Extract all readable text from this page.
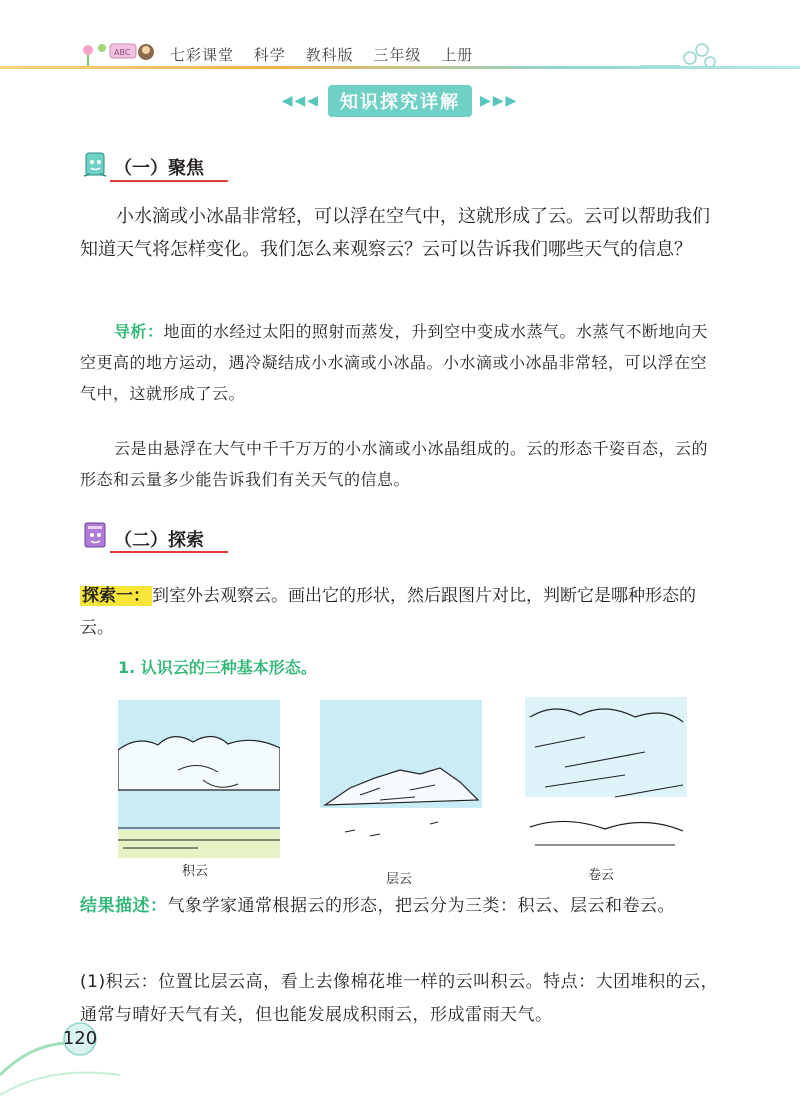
ABC	七彩课堂 科学 教科版 三年级 上册
◀◀◀	知识探究详解	▶▶▶
（一）聚焦
小水滴或小冰晶非常轻，可以浮在空气中，这就形成了云。云可以帮助我们知道天气将怎样变化。我们怎么来观察云？云可以告诉我们哪些天气的信息？
导析：地面的水经过太阳的照射而蒸发，升到空中变成水蒸气。水蒸气不断地向天空更高的地方运动，遇冷凝结成小水滴或小冰晶。小水滴或小冰晶非常轻，可以浮在空气中，这就形成了云。
云是由悬浮在大气中千千万万的小水滴或小冰晶组成的。云的形态千姿百态，云的形态和云量多少能告诉我们有关天气的信息。
（二）探索
探索一： 到室外去观察云。画出它的形状，然后跟图片对比，判断它是哪种形态的云。
1. 认识云的三种基本形态。
积云
层云	卷云
结果描述：气象学家通常根据云的形态，把云分为三类：积云、层云和卷云。
(1)积云：位置比层云高，看上去像棉花堆一样的云叫积云。特点：大团堆积的云，通常与晴好天气有关，但也能发展成积雨云，形成雷雨天气。
120
